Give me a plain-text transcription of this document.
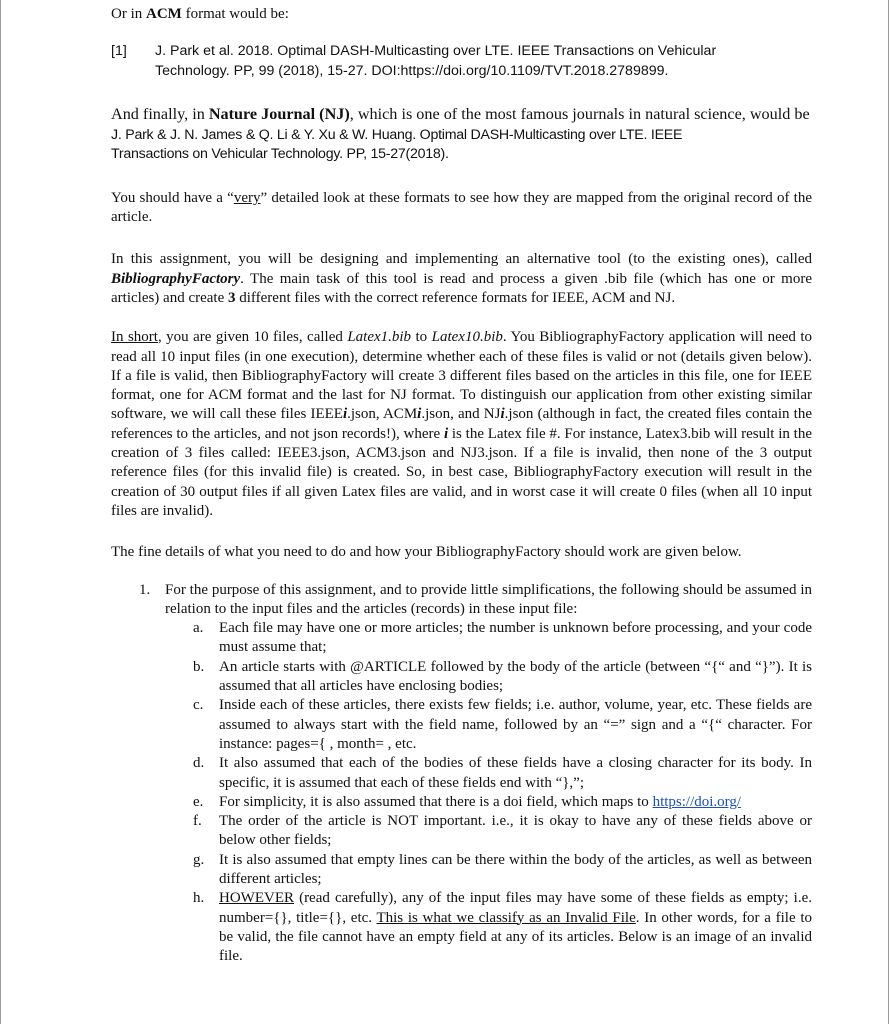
Or in ACM format would be:

[1]	J. Park et al. 2018. Optimal DASH-Multicasting over LTE. IEEE Transactions on Vehicular
Technology. PP, 99 (2018), 15-27. DOI:https://doi.org/10.1109/TVT.2018.2789899.

And finally, in Nature Journal (NJ), which is one of the most famous journals in natural science, would be

J. Park & J. N. James & Q. Li & Y. Xu & W. Huang. Optimal DASH-Multicasting over LTE. IEEE
Transactions on Vehicular Technology. PP, 15-27(2018).

You should have a “very” detailed look at these formats to see how they are mapped from the original record of the article.

In this assignment, you will be designing and implementing an alternative tool (to the existing ones), called BibliographyFactory. The main task of this tool is read and process a given .bib file (which has one or more articles) and create 3 different files with the correct reference formats for IEEE, ACM and NJ.

In short, you are given 10 files, called Latex1.bib to Latex10.bib. You BibliographyFactory application will need to read all 10 input files (in one execution), determine whether each of these files is valid or not (details given below). If a file is valid, then BibliographyFactory will create 3 different files based on the articles in this file, one for IEEE format, one for ACM format and the last for NJ format. To distinguish our application from other existing similar software, we will call these files IEEEi.json, ACMi.json, and NJi.json (although in fact, the created files contain the references to the articles, and not json records!), where i is the Latex file #. For instance, Latex3.bib will result in the creation of 3 files called: IEEE3.json, ACM3.json and NJ3.json. If a file is invalid, then none of the 3 output reference files (for this invalid file) is created. So, in best case, BibliographyFactory execution will result in the creation of 30 output files if all given Latex files are valid, and in worst case it will create 0 files (when all 10 input files are invalid).

The fine details of what you need to do and how your BibliographyFactory should work are given below.

1. For the purpose of this assignment, and to provide little simplifications, the following should be assumed in relation to the input files and the articles (records) in these input file:
a. Each file may have one or more articles; the number is unknown before processing, and your code must assume that;
b. An article starts with @ARTICLE followed by the body of the article (between “{“ and “}”). It is assumed that all articles have enclosing bodies;
c. Inside each of these articles, there exists few fields; i.e. author, volume, year, etc. These fields are assumed to always start with the field name, followed by an “=” sign and a “{“ character. For instance: pages={ , month= , etc.
d. It also assumed that each of the bodies of these fields have a closing character for its body. In specific, it is assumed that each of these fields end with “},”;
e. For simplicity, it is also assumed that there is a doi field, which maps to https://doi.org/
f. The order of the article is NOT important. i.e., it is okay to have any of these fields above or below other fields;
g. It is also assumed that empty lines can be there within the body of the articles, as well as between different articles;
h. HOWEVER (read carefully), any of the input files may have some of these fields as empty; i.e. number={}, title={}, etc. This is what we classify as an Invalid File. In other words, for a file to be valid, the file cannot have an empty field at any of its articles. Below is an image of an invalid file.
